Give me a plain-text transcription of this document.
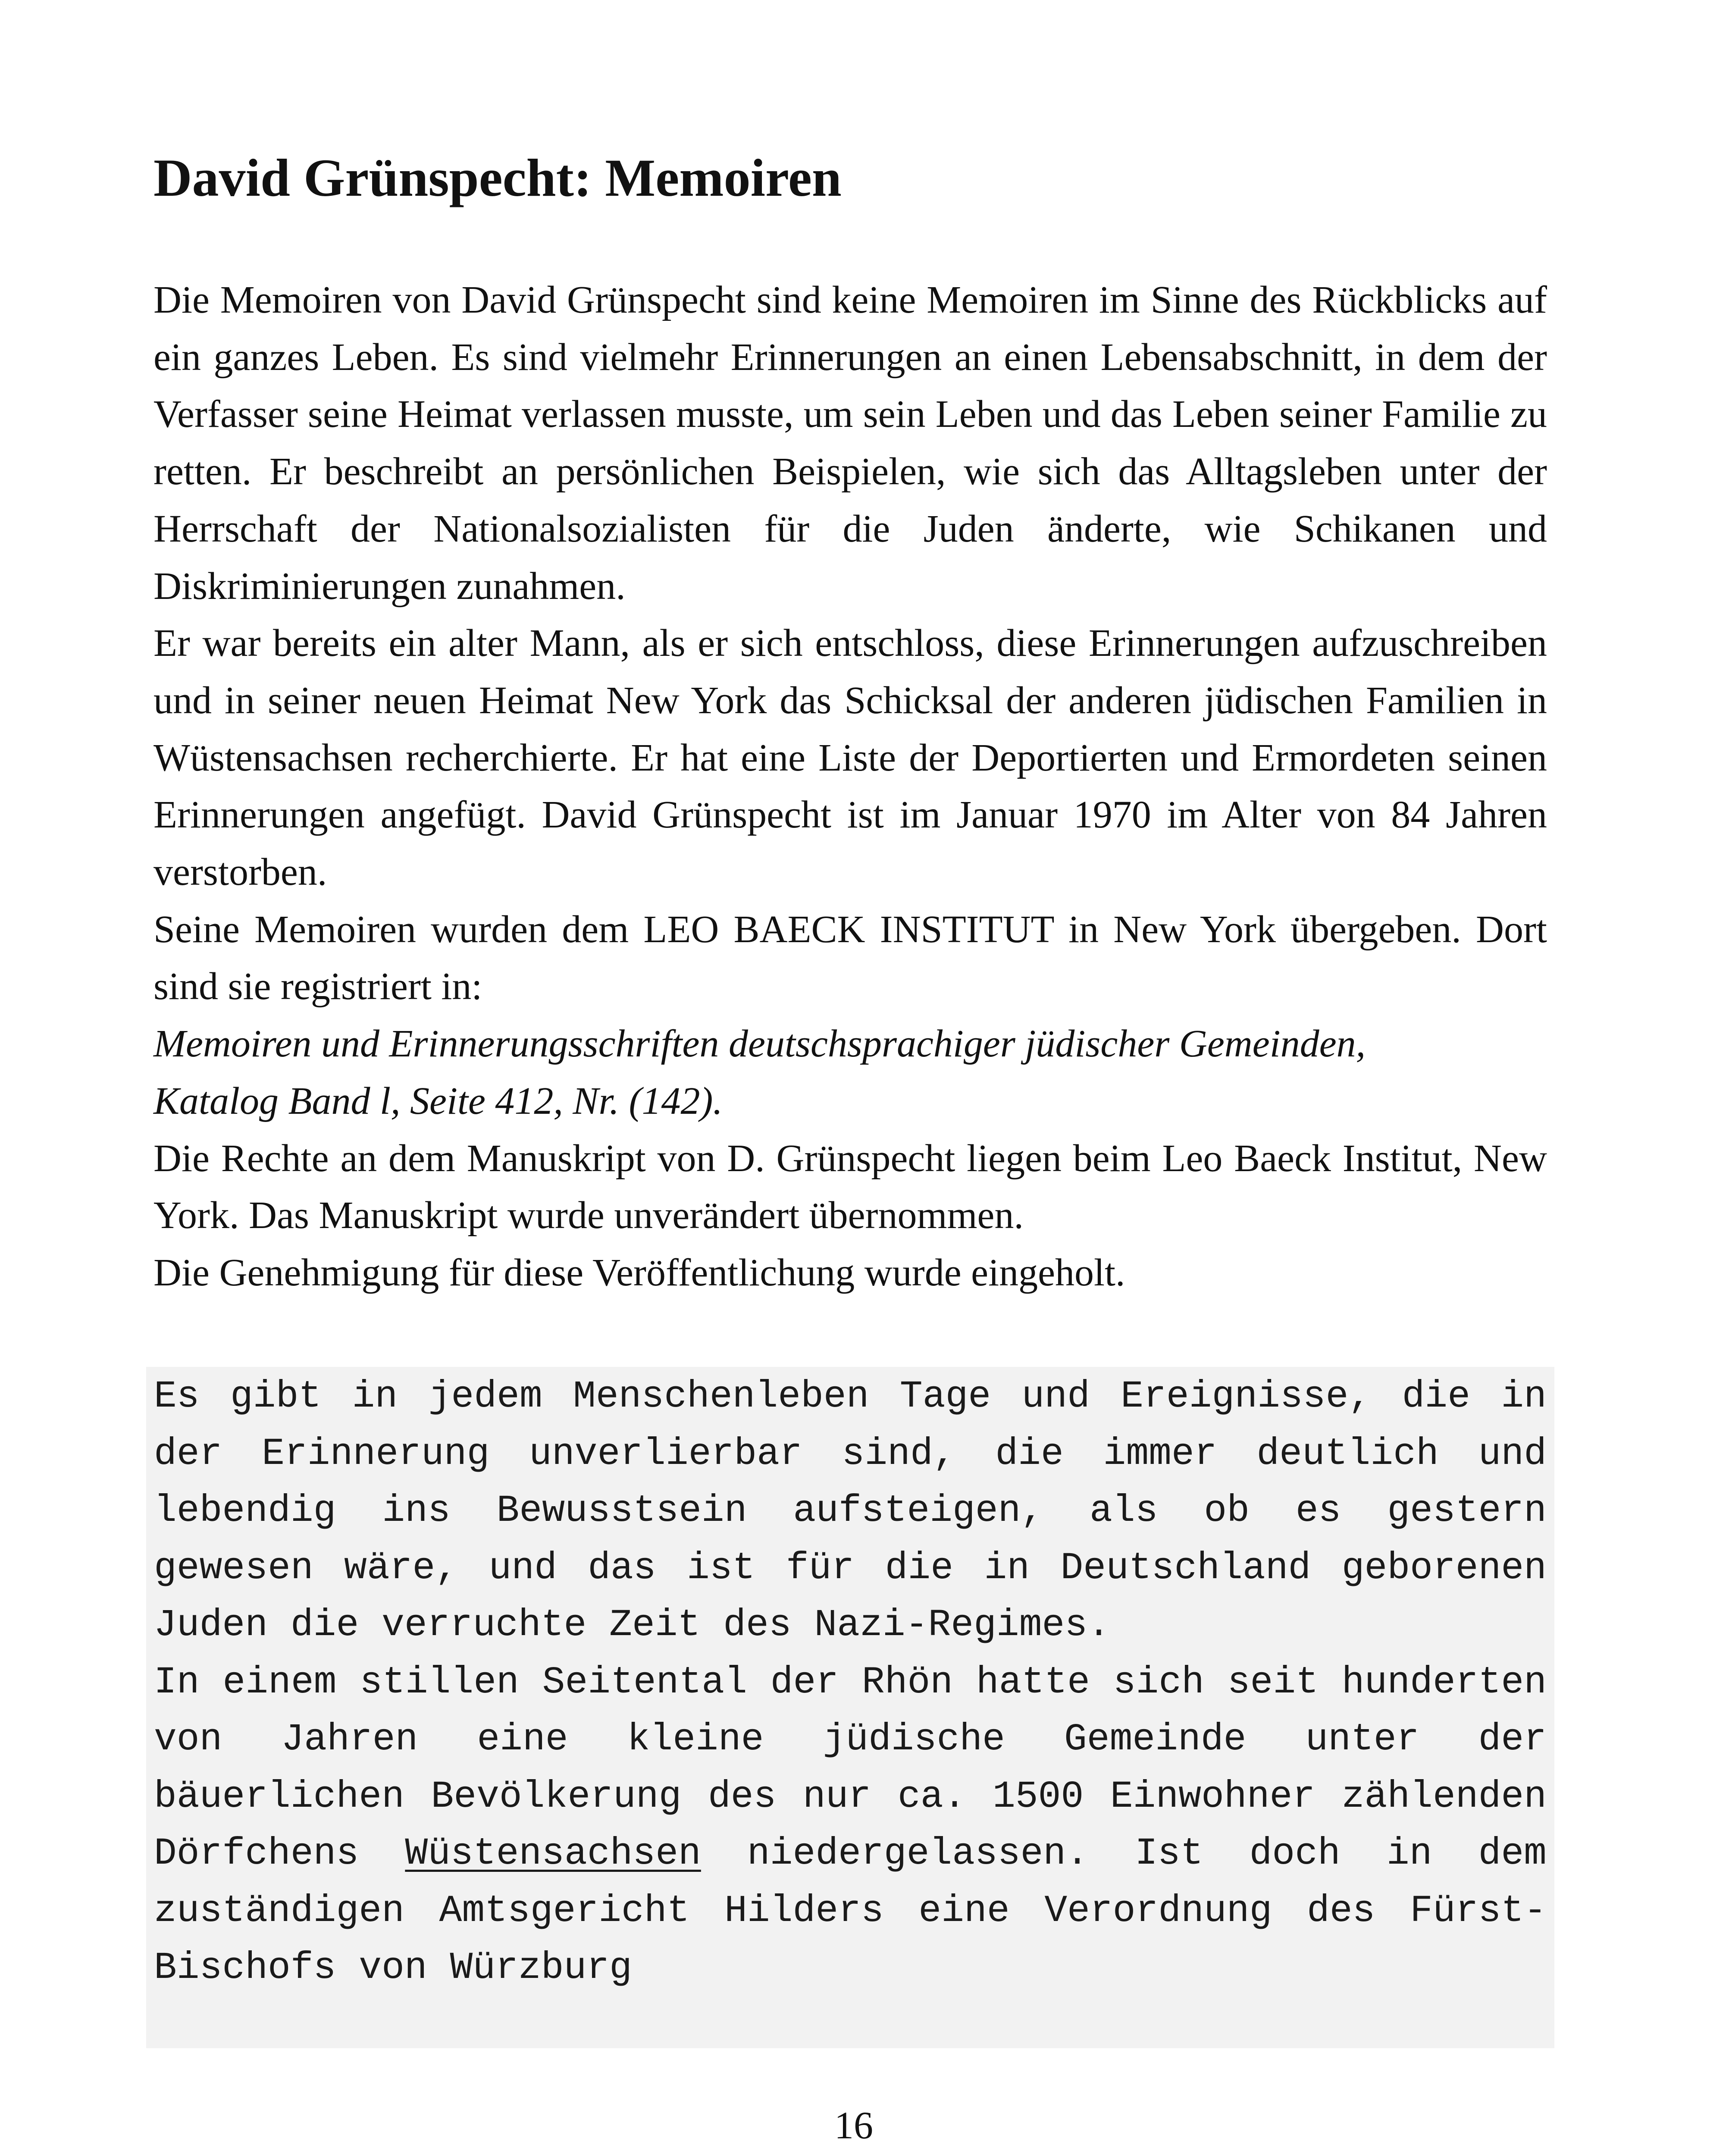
David Grünspecht: Memoiren

Die Memoiren von David Grünspecht sind keine Memoiren im Sinne des Rückblicks auf ein ganzes Leben. Es sind vielmehr Erinnerungen an einen Lebensabschnitt, in dem der Verfasser seine Heimat verlassen musste, um sein Leben und das Leben seiner Familie zu retten. Er beschreibt an persönlichen Beispielen, wie sich das Alltagsleben unter der Herrschaft der Nationalsozialisten für die Juden änderte, wie Schikanen und Diskriminierungen zunahmen.

Er war bereits ein alter Mann, als er sich entschloss, diese Erinnerungen aufzuschreiben und in seiner neuen Heimat New York das Schicksal der anderen jüdischen Familien in Wüstensachsen recherchierte. Er hat eine Liste der Deportierten und Ermordeten seinen Erinnerungen angefügt. David Grünspecht ist im Januar 1970 im Alter von 84 Jahren verstorben.

Seine Memoiren wurden dem LEO BAECK INSTITUT in New York übergeben. Dort sind sie registriert in:

Memoiren und Erinnerungsschriften deutschsprachiger jüdischer Gemeinden,

Katalog Band l, Seite 412, Nr. (142).

Die Rechte an dem Manuskript von D. Grünspecht liegen beim Leo Baeck Institut, New York. Das Manuskript wurde unverändert übernommen.

Die Genehmigung für diese Veröffentlichung wurde eingeholt.

Es gibt in jedem Menschenleben Tage und Ereignisse, die in der Erinnerung unverlierbar sind, die immer deutlich und lebendig ins Bewusstsein aufsteigen, als ob es gestern gewesen wäre, und das ist für die in Deutschland geborenen Juden die verruchte Zeit des Nazi-Regimes.

In einem stillen Seitental der Rhön hatte sich seit hunderten von Jahren eine kleine jüdische Gemeinde unter der bäuerlichen Bevölkerung des nur ca. 1500 Einwohner zählenden Dörfchens Wüstensachsen niedergelassen. Ist doch in dem zuständigen Amtsgericht Hilders eine Verordnung des Fürst-Bischofs von Würzburg

16
